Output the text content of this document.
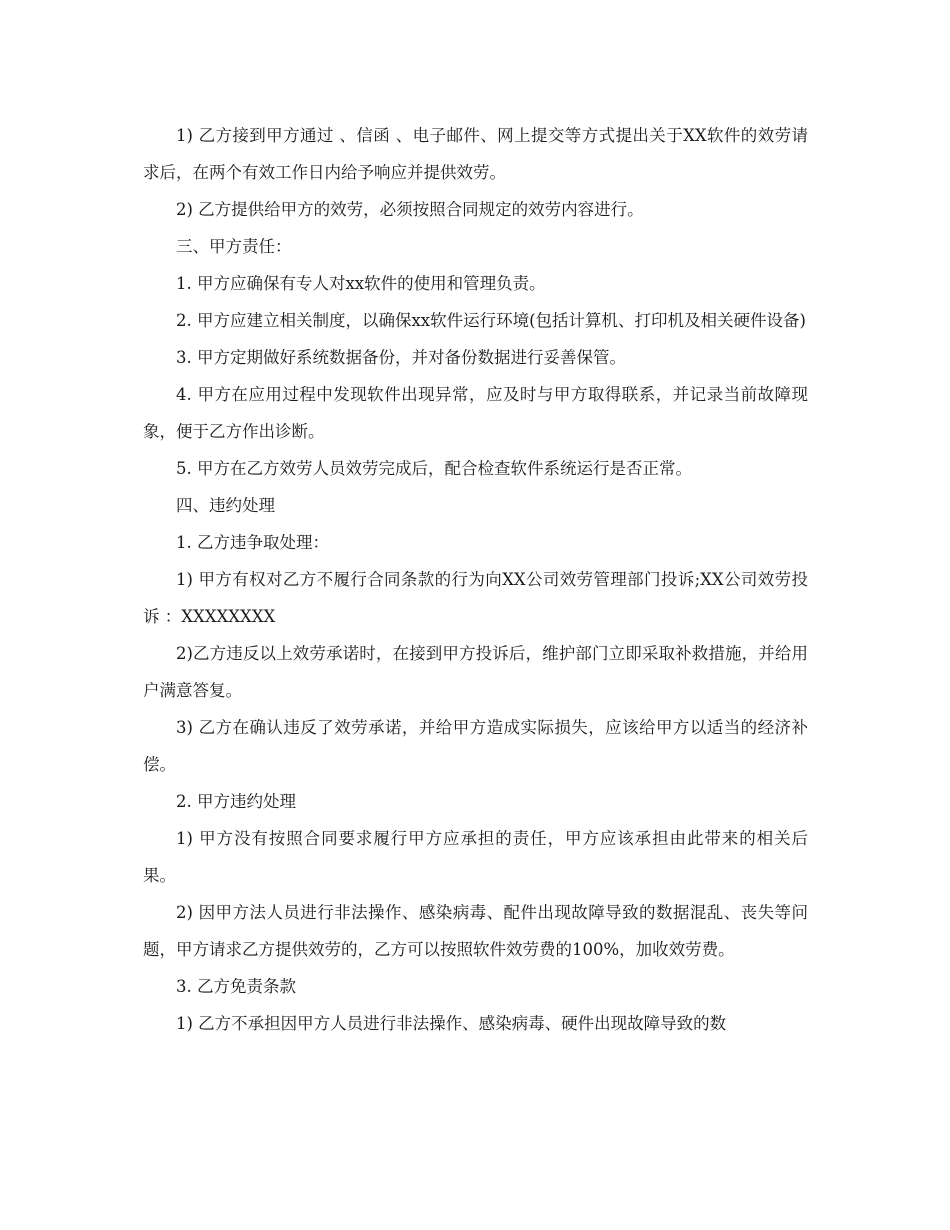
1) 乙方接到甲方通过 、信函 、电子邮件、网上提交等方式提出关于XX软件的效劳请求后，在两个有效工作日内给予响应并提供效劳。

2) 乙方提供给甲方的效劳，必须按照合同规定的效劳内容进行。

三、甲方责任：

1. 甲方应确保有专人对xx软件的使用和管理负责。

2. 甲方应建立相关制度，以确保xx软件运行环境(包括计算机、打印机及相关硬件设备)

3. 甲方定期做好系统数据备份，并对备份数据进行妥善保管。

4. 甲方在应用过程中发现软件出现异常，应及时与甲方取得联系，并记录当前故障现象，便于乙方作出诊断。

5. 甲方在乙方效劳人员效劳完成后，配合检查软件系统运行是否正常。

四、违约处理

1. 乙方违争取处理：

1) 甲方有权对乙方不履行合同条款的行为向XX公司效劳管理部门投诉;XX公司效劳投诉 ：XXXXXXXX

2)乙方违反以上效劳承诺时，在接到甲方投诉后，维护部门立即采取补救措施，并给用户满意答复。

3) 乙方在确认违反了效劳承诺，并给甲方造成实际损失，应该给甲方以适当的经济补偿。

2. 甲方违约处理

1) 甲方没有按照合同要求履行甲方应承担的责任，甲方应该承担由此带来的相关后果。

2) 因甲方法人员进行非法操作、感染病毒、配件出现故障导致的数据混乱、丧失等问题，甲方请求乙方提供效劳的，乙方可以按照软件效劳费的100%，加收效劳费。

3. 乙方免责条款

1) 乙方不承担因甲方人员进行非法操作、感染病毒、硬件出现故障导致的数
